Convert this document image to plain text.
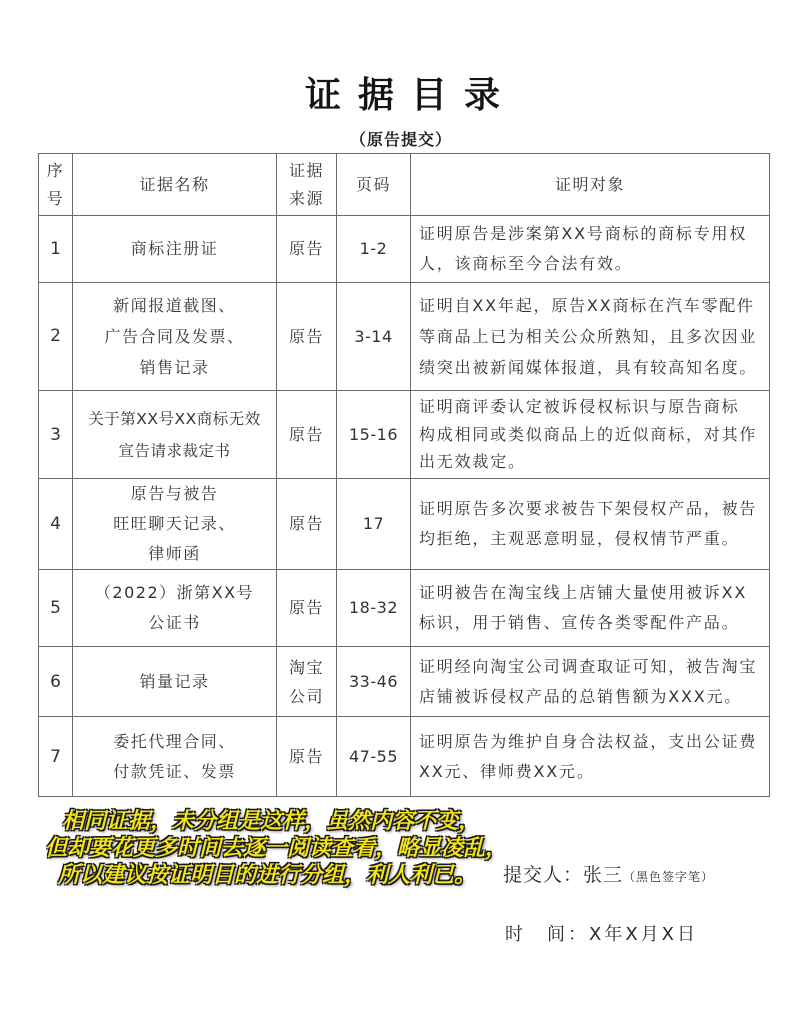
证据目录
（原告提交）
序
号	证据名称	证据
来源	页码	证明对象
1	商标注册证	原告	1-2	证明原告是涉案第XX号商标的商标专用权
人，该商标至今合法有效。
2	新闻报道截图、
广告合同及发票、
销售记录	原告	3-14	证明自XX年起，原告XX商标在汽车零配件
等商品上已为相关公众所熟知，且多次因业
绩突出被新闻媒体报道，具有较高知名度。
3	关于第XX号XX商标无效
宣告请求裁定书	原告	15-16	证明商评委认定被诉侵权标识与原告商标
构成相同或类似商品上的近似商标，对其作
出无效裁定。
4	原告与被告
旺旺聊天记录、
律师函	原告	17	证明原告多次要求被告下架侵权产品，被告
均拒绝，主观恶意明显，侵权情节严重。
5	（2022）浙第XX号
公证书	原告	18-32	证明被告在淘宝线上店铺大量使用被诉XX
标识，用于销售、宣传各类零配件产品。
6	销量记录	淘宝
公司	33-46	证明经向淘宝公司调查取证可知，被告淘宝
店铺被诉侵权产品的总销售额为XXX元。
7	委托代理合同、
付款凭证、发票	原告	47-55	证明原告为维护自身合法权益，支出公证费
XX元、律师费XX元。
相同证据，未分组是这样，虽然内容不变，
但却要花更多时间去逐一阅读查看，略显凌乱，
所以建议按证明目的进行分组，利人利已。	提交人：张三（黑色签字笔）
时　间：X年X月X日
